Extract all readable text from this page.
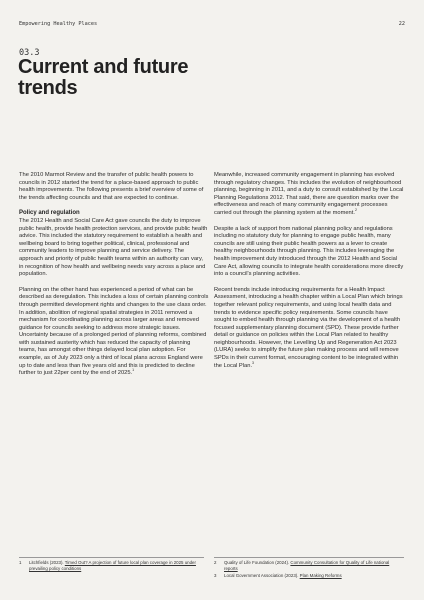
Empowering Healthy Places	22
03.3
Current and future
trends

The 2010 Marmot Review and the transfer of public health powers to councils in 2012 started the trend for a place-based approach to public health improvements. The following presents a brief overview of some of the trends affecting councils and that are expected to continue.

Policy and regulation

The 2012 Health and Social Care Act gave councils the duty to improve public health, provide health protection services, and provide public health advice. This included the statutory requirement to establish a health and wellbeing board to bring together political, clinical, professional and community leaders to improve planning and service delivery. The approach and priority of public health teams within an authority can vary, in recognition of how health and wellbeing needs vary across a place and population.

Planning on the other hand has experienced a period of what can be described as deregulation. This includes a loss of certain planning controls through permitted development rights and changes to the use class order. In addition, abolition of regional spatial strategies in 2011 removed a mechanism for coordinating planning across larger areas and removed guidance for councils seeking to address more strategic issues. Uncertainty because of a prolonged period of planning reforms, combined with sustained austerity which has reduced the capacity of planning teams, has amongst other things delayed local plan adoption. For example, as of July 2023 only a third of local plans across England were up to date and less than five years old and this is predicted to decline further to just 22per cent by the end of 2025.$^1$

Meanwhile, increased community engagement in planning has evolved through regulatory changes. This includes the evolution of neighbourhood planning, beginning in 2011, and a duty to consult established by the Local Planning Regulations 2012. That said, there are question marks over the effectiveness and reach of many community engagement processes carried out through the planning system at the moment.$^2$

Despite a lack of support from national planning policy and regulations including no statutory duty for planning to engage public health, many councils are still using their public health powers as a lever to create healthy neighbourhoods through planning. This includes leveraging the health improvement duty introduced through the 2012 Health and Social Care Act, allowing councils to integrate health considerations more directly into a council's planning activities.

Recent trends include introducing requirements for a Health Impact Assessment, introducing a health chapter within a Local Plan which brings together relevant policy requirements, and using local health data and trends to evidence specific policy requirements. Some councils have sought to embed health through planning via the development of a health focused supplementary planning document (SPD). These provide further detail or guidance on policies within the Local Plan related to healthy neighbourhoods. However, the Levelling Up and Regeneration Act 2023 (LURA) seeks to simplify the future plan making process and will remove SPDs in their current format, encouraging content to be integrated within the Local Plan.$^3$

1	Litchfields (2023). Timed Out? A projection of future local plan coverage in 2025 under prevailing policy conditions
2	Quality of Life Foundation (2024). Community Consultation for Quality of Life national reports
3	Local Government Association (2023). Plan Making Reforms
